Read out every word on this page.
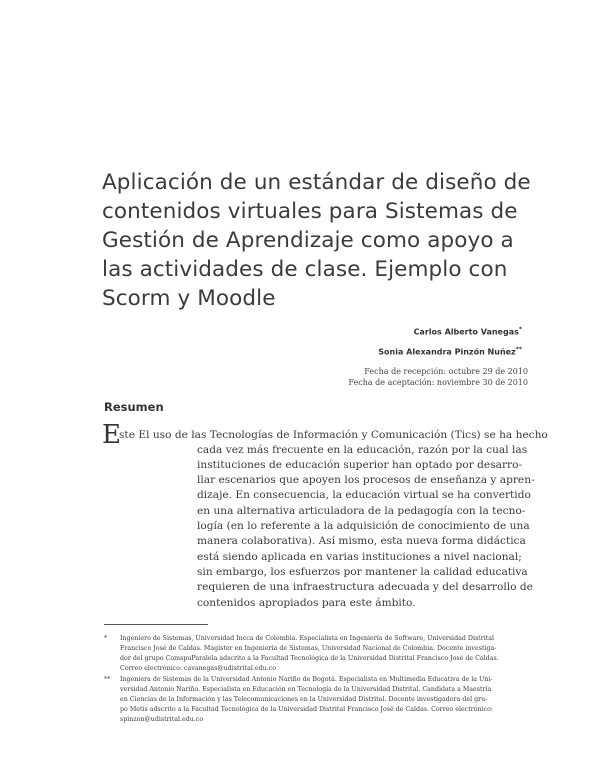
Aplicación de un estándar de diseño de
contenidos virtuales para Sistemas de
Gestión de Aprendizaje como apoyo a
las actividades de clase. Ejemplo con
Scorm y Moodle
Carlos Alberto Vanegas*
Sonia Alexandra Pinzón Nuñez**
Fecha de recepción: octubre 29 de 2010
Fecha de aceptación: noviembre 30 de 2010
Resumen
E
ste El uso de las Tecnologías de Información y Comunicación (Tics) se ha hecho
cada vez más frecuente en la educación, razón por la cual las
instituciones de educación superior han optado por desarro-
llar escenarios que apoyen los procesos de enseñanza y apren-
dizaje. En consecuencia, la educación virtual se ha convertido
en una alternativa articuladora de la pedagogía con la tecno-
logía (en lo referente a la adquisición de conocimiento de una
manera colaborativa). Así mismo, esta nueva forma didáctica
está siendo aplicada en varias instituciones a nivel nacional;
sin embargo, los esfuerzos por mantener la calidad educativa
requieren de una infraestructura adecuada y del desarrollo de
contenidos apropiados para este ámbito.
* Ingeniero de Sistemas, Universidad Incca de Colombia. Especialista en Ingeniería de Software, Universidad Distrital
Francisco José de Caldas. Magíster en Ingeniería de Sistemas, Universidad Nacional de Colombia. Docente investiga-
dor del grupo ComspuParalela adscrito a la Facultad Tecnológica de la Universidad Distrital Francisco José de Caldas.
Correo electrónico: cavanegas@udistrital.edu.co
** Ingeniera de Sistemas de la Universidad Antonio Nariño de Bogotá. Especialista en Multimedia Educativa de la Uni-
versidad Antonio Nariño. Especialista en Educación en Tecnología de la Universidad Distrital. Candidata a Maestría
en Ciencias de la Información y las Telecomunicaciones en la Universidad Distrital. Docente investigadora del gru-
po Metis adscrito a la Facultad Tecnológica de la Universidad Distrital Francisco José de Caldas. Correo electrónico:
spinzon@udistrital.edu.co
